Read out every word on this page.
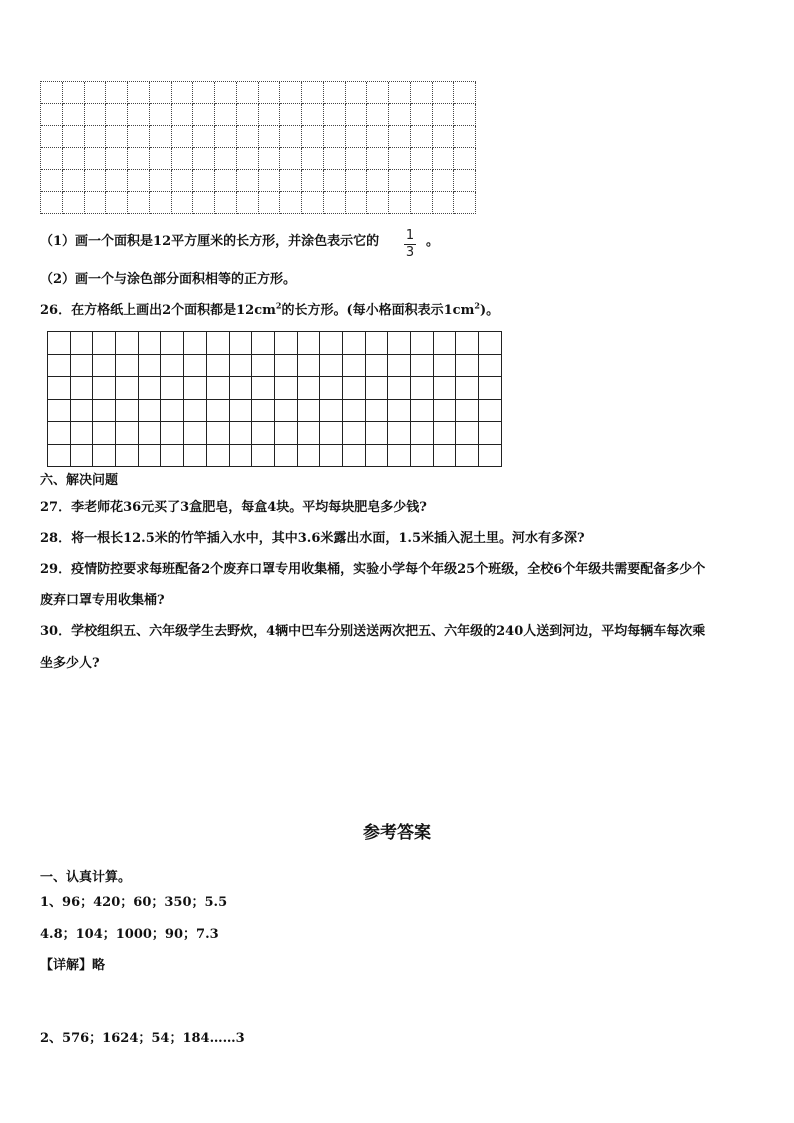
（1）画一个面积是12平方厘米的长方形，并涂色表示它的 1
3
。
（2）画一个与涂色部分面积相等的正方形。
26．在方格纸上画出2个面积都是$12cm^2$的长方形。(每小格面积表示$1cm^2$)。
六、解决问题
27．李老师花36元买了3盒肥皂，每盒4块。平均每块肥皂多少钱?
28．将一根长12.5米的竹竿插入水中，其中3.6米露出水面，1.5米插入泥土里。河水有多深?
29．疫情防控要求每班配备2个废弃口罩专用收集桶，实验小学每个年级25个班级，全校6个年级共需要配备多少个
废弃口罩专用收集桶?
30．学校组织五、六年级学生去野炊，4辆中巴车分别送送两次把五、六年级的240人送到河边，平均每辆车每次乘
坐多少人?
参考答案
一、认真计算。
1、96；420；60；350；5.5
4.8；104；1000；90；7.3
【详解】略
2、576；1624；54；184……3
